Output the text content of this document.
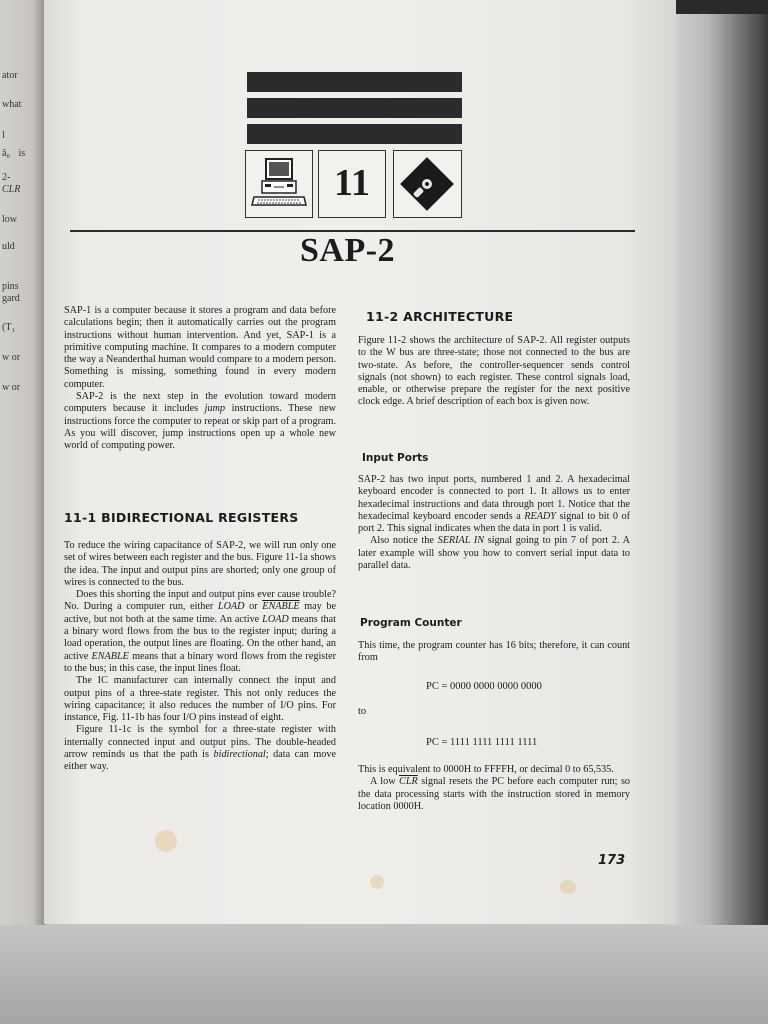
ator
what
l
â₀ is
2-
CLR
low
uld
pins
gard
(T₁
w or
w or
11
SAP-2

SAP-1 is a computer because it stores a program and data before calculations begin; then it automatically carries out the program instructions without human intervention. And yet, SAP-1 is a primitive computing machine. It compares to a modern computer the way a Neanderthal human would compare to a modern person. Something is missing, something found in every modern computer.

SAP-2 is the next step in the evolution toward modern computers because it includes jump instructions. These new instructions force the computer to repeat or skip part of a program. As you will discover, jump instructions open up a whole new world of computing power.

11-1 BIDIRECTIONAL REGISTERS

To reduce the wiring capacitance of SAP-2, we will run only one set of wires between each register and the bus. Figure 11-1a shows the idea. The input and output pins are shorted; only one group of wires is connected to the bus.

Does this shorting the input and output pins ever cause trouble? No. During a computer run, either LOAD or ENABLE may be active, but not both at the same time. An active LOAD means that a binary word flows from the bus to the register input; during a load operation, the output lines are floating. On the other hand, an active ENABLE means that a binary word flows from the register to the bus; in this case, the input lines float.

The IC manufacturer can internally connect the input and output pins of a three-state register. This not only reduces the wiring capacitance; it also reduces the number of I/O pins. For instance, Fig. 11-1b has four I/O pins instead of eight.

Figure 11-1c is the symbol for a three-state register with internally connected input and output pins. The double-headed arrow reminds us that the path is bidirectional; data can move either way.

11-2 ARCHITECTURE

Figure 11-2 shows the architecture of SAP-2. All register outputs to the W bus are three-state; those not connected to the bus are two-state. As before, the controller-sequencer sends control signals (not shown) to each register. These control signals load, enable, or otherwise prepare the register for the next positive clock edge. A brief description of each box is given now.

Input Ports

SAP-2 has two input ports, numbered 1 and 2. A hexadecimal keyboard encoder is connected to port 1. It allows us to enter hexadecimal instructions and data through port 1. Notice that the hexadecimal keyboard encoder sends a READY signal to bit 0 of port 2. This signal indicates when the data in port 1 is valid.

Also notice the SERIAL IN signal going to pin 7 of port 2. A later example will show you how to convert serial input data to parallel data.

Program Counter

This time, the program counter has 16 bits; therefore, it can count from

PC = 0000 0000 0000 0000
to
PC = 1111 1111 1111 1111

This is equivalent to 0000H to FFFFH, or decimal 0 to 65,535.

A low $\overline{CLR}$ signal resets the PC before each computer run; so the data processing starts with the instruction stored in memory location 0000H.

173
